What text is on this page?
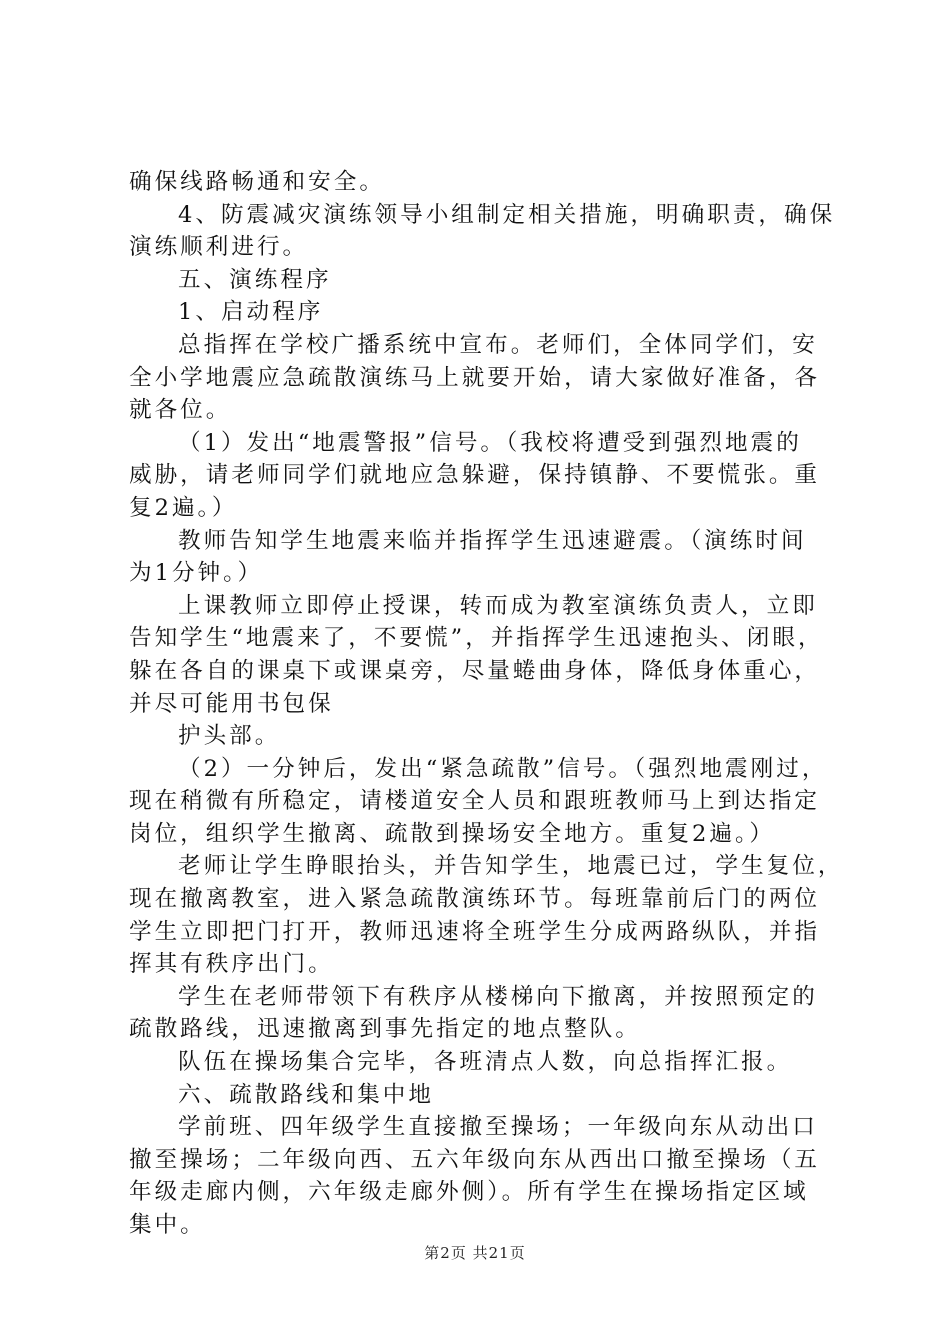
确保线路畅通和安全。

4、防震减灾演练领导小组制定相关措施，明确职责，确保

演练顺利进行。

五、演练程序

1、启动程序

总指挥在学校广播系统中宣布。老师们，全体同学们，安

全小学地震应急疏散演练马上就要开始，请大家做好准备，各

就各位。

（1）发出“地震警报”信号。（我校将遭受到强烈地震的

威胁，请老师同学们就地应急躲避，保持镇静、不要慌张。重

复2遍。）

教师告知学生地震来临并指挥学生迅速避震。（演练时间

为1分钟。）

上课教师立即停止授课，转而成为教室演练负责人，立即

告知学生“地震来了，不要慌”，并指挥学生迅速抱头、闭眼，

躲在各自的课桌下或课桌旁，尽量蜷曲身体，降低身体重心，

并尽可能用书包保

护头部。

（2）一分钟后，发出“紧急疏散”信号。（强烈地震刚过，

现在稍微有所稳定，请楼道安全人员和跟班教师马上到达指定

岗位，组织学生撤离、疏散到操场安全地方。重复2遍。）

老师让学生睁眼抬头，并告知学生，地震已过，学生复位，

现在撤离教室，进入紧急疏散演练环节。每班靠前后门的两位

学生立即把门打开，教师迅速将全班学生分成两路纵队，并指

挥其有秩序出门。

学生在老师带领下有秩序从楼梯向下撤离，并按照预定的

疏散路线，迅速撤离到事先指定的地点整队。

队伍在操场集合完毕，各班清点人数，向总指挥汇报。

六、疏散路线和集中地

学前班、四年级学生直接撤至操场；一年级向东从动出口

撤至操场；二年级向西、五六年级向东从西出口撤至操场（五

年级走廊内侧，六年级走廊外侧）。所有学生在操场指定区域

集中。

第2页 共21页
